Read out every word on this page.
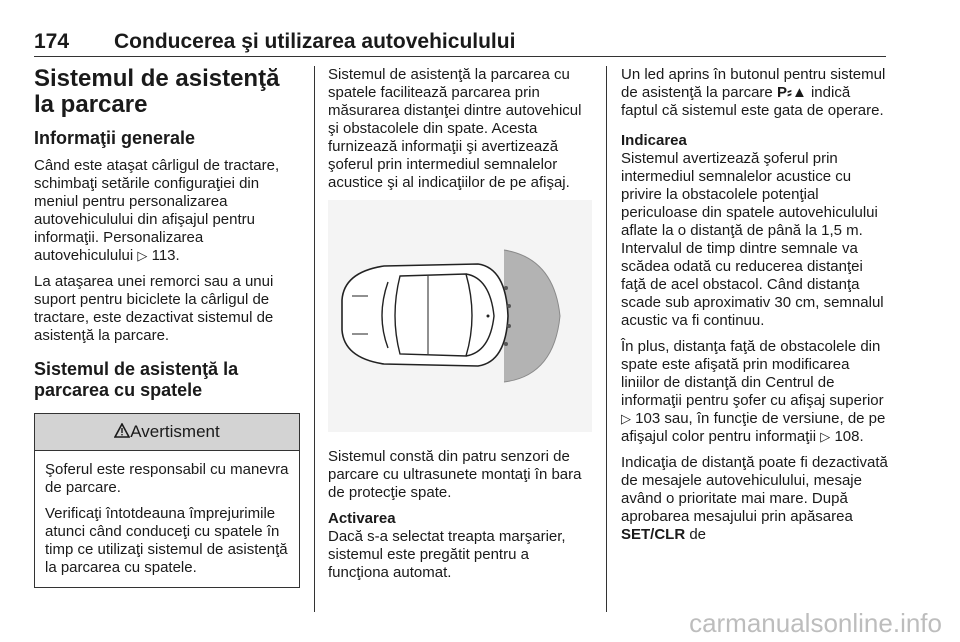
174 Conducerea şi utilizarea autovehiculului
Sistemul de asistenţă la parcare
Informaţii generale

Când este ataşat cârligul de tractare, schimbaţi setările configuraţiei din meniul pentru personalizarea autovehiculului din afişajul pentru informaţii. Personalizarea autovehiculului ▷ 113.

La ataşarea unei remorci sau a unui suport pentru biciclete la cârligul de tractare, este dezactivat sistemul de asistenţă la parcare.

Sistemul de asistenţă la parcarea cu spatele
Avertisment

Şoferul este responsabil cu manevra de parcare.

Verificaţi întotdeauna împrejurimile atunci când conduceţi cu spatele în timp ce utilizaţi sistemul de asistenţă la parcarea cu spatele.

Sistemul de asistenţă la parcarea cu spatele facilitează parcarea prin măsurarea distanţei dintre autovehicul şi obstacolele din spate. Acesta furnizează informaţii şi avertizează şoferul prin intermediul semnalelor acustice şi al indicaţiilor de pe afişaj.

Sistemul constă din patru senzori de parcare cu ultrasunete montaţi în bara de protecţie spate.

Activarea

Dacă s-a selectat treapta marşarier, sistemul este pregătit pentru a funcţiona automat.

Un led aprins în butonul pentru sistemul de asistenţă la parcare P⸗▲ indică faptul că sistemul este gata de operare.

Indicarea

Sistemul avertizează şoferul prin intermediul semnalelor acustice cu privire la obstacolele potenţial periculoase din spatele autovehiculului aflate la o distanţă de până la 1,5 m. Intervalul de timp dintre semnale va scădea odată cu reducerea distanţei faţă de acel obstacol. Când distanţa scade sub aproximativ 30 cm, semnalul acustic va fi continuu.

În plus, distanţa faţă de obstacolele din spate este afişată prin modificarea liniilor de distanţă din Centrul de informaţii pentru şofer cu afişaj superior ▷ 103 sau, în funcţie de versiune, de pe afişajul color pentru informaţii ▷ 108.

Indicaţia de distanţă poate fi dezactivată de mesajele autovehiculului, mesaje având o prioritate mai mare. După aprobarea mesajului prin apăsarea SET/CLR de

carmanualsonline.info
